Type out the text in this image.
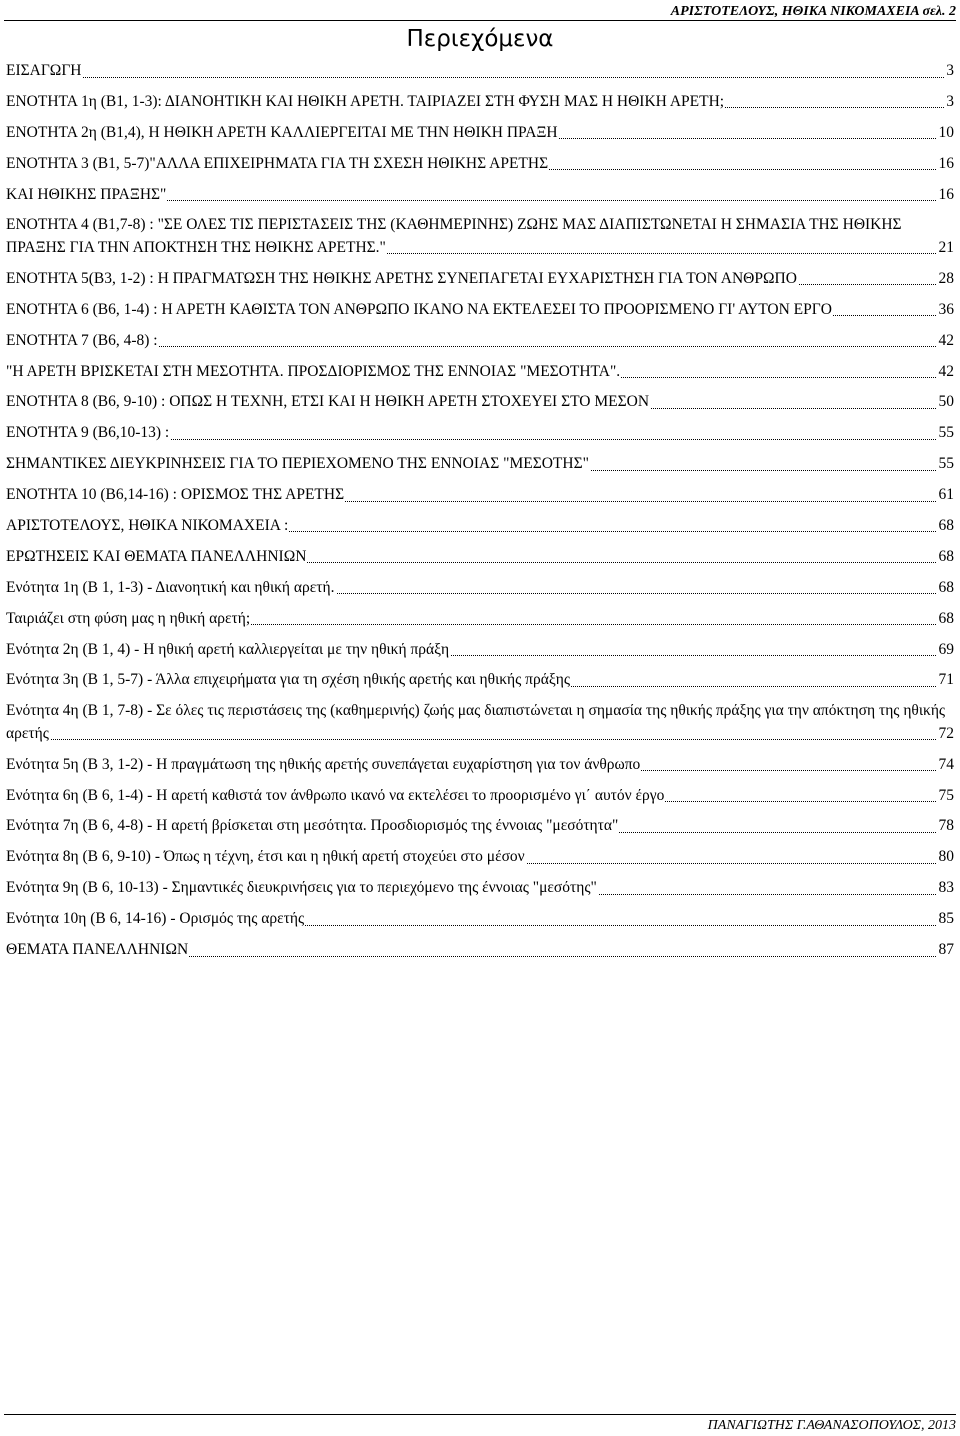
ΑΡΙΣΤΟΤΕΛΟΥΣ, ΗΘΙΚΑ ΝΙΚΟΜΑΧΕΙΑ σελ. 2
Περιεχόμενα
ΕΙΣΑΓΩΓΗ	3
ΕΝΟΤΗΤΑ 1η (Β1, 1-3): ΔΙΑΝΟΗΤΙΚΗ ΚΑΙ ΗΘΙΚΗ ΑΡΕΤΗ. ΤΑΙΡΙΑΖΕΙ ΣΤΗ ΦΥΣΗ ΜΑΣ Η ΗΘΙΚΗ ΑΡΕΤΗ;	3
ΕΝΟΤΗΤΑ 2η (Β1,4), Η ΗΘΙΚΗ ΑΡΕΤΗ ΚΑΛΛΙΕΡΓΕΙΤΑΙ ΜΕ ΤΗΝ ΗΘΙΚΗ ΠΡΑΞΗ	10
ΕΝΟΤΗΤΑ 3 (Β1, 5-7)"ΑΛΛΑ ΕΠΙΧΕΙΡΗΜΑΤΑ ΓΙΑ ΤΗ ΣΧΕΣΗ ΗΘΙΚΗΣ ΑΡΕΤΗΣ	16
ΚΑΙ ΗΘΙΚΗΣ ΠΡΑΞΗΣ"	16
ΕΝΟΤΗΤΑ 4 (Β1,7-8) : "ΣΕ ΟΛΕΣ ΤΙΣ ΠΕΡΙΣΤΑΣΕΙΣ ΤΗΣ (ΚΑΘΗΜΕΡΙΝΗΣ) ΖΩΗΣ ΜΑΣ ΔΙΑΠΙΣΤΩΝΕΤΑΙ Η ΣΗΜΑΣΙΑ ΤΗΣ ΗΘΙΚΗΣ ΠΡΑΞΗΣ ΓΙΑ ΤΗΝ ΑΠΟΚΤΗΣΗ ΤΗΣ ΗΘΙΚΗΣ ΑΡΕΤΗΣ."	21
ΕΝΟΤΗΤΑ 5(Β3, 1-2) : Η ΠΡΑΓΜΑΤΩΣΗ ΤΗΣ ΗΘΙΚΗΣ ΑΡΕΤΗΣ ΣΥΝΕΠΑΓΕΤΑΙ ΕΥΧΑΡΙΣΤΗΣΗ ΓΙΑ ΤΟΝ ΑΝΘΡΩΠΟ	28
ΕΝΟΤΗΤΑ 6 (Β6, 1-4) : Η ΑΡΕΤΗ ΚΑΘΙΣΤΑ ΤΟΝ ΑΝΘΡΩΠΟ ΙΚΑΝΟ ΝΑ ΕΚΤΕΛΕΣΕΙ ΤΟ ΠΡΟΟΡΙΣΜΕΝΟ ΓΙ' ΑΥΤΟΝ ΕΡΓΟ	36
ΕΝΟΤΗΤΑ 7 (Β6, 4-8) :	42
"Η ΑΡΕΤΗ ΒΡΙΣΚΕΤΑΙ ΣΤΗ ΜΕΣΟΤΗΤΑ. ΠΡΟΣΔΙΟΡΙΣΜΟΣ ΤΗΣ ΕΝΝΟΙΑΣ "ΜΕΣΟΤΗΤΑ".	42
ΕΝΟΤΗΤΑ 8 (Β6, 9-10) : ΟΠΩΣ Η ΤΕΧΝΗ, ΕΤΣΙ ΚΑΙ Η ΗΘΙΚΗ ΑΡΕΤΗ ΣΤΟΧΕΥΕΙ ΣΤΟ ΜΕΣΟΝ	50
ΕΝΟΤΗΤΑ 9 (Β6,10-13) :	55
ΣΗΜΑΝΤΙΚΕΣ ΔΙΕΥΚΡΙΝΗΣΕΙΣ ΓΙΑ ΤΟ ΠΕΡΙΕΧΟΜΕΝΟ ΤΗΣ ΕΝΝΟΙΑΣ "ΜΕΣΟΤΗΣ"	55
ΕΝΟΤΗΤΑ 10 (Β6,14-16) : ΟΡΙΣΜΟΣ ΤΗΣ ΑΡΕΤΗΣ	61
ΑΡΙΣΤΟΤΕΛΟΥΣ, ΗΘΙΚΑ ΝΙΚΟΜΑΧΕΙΑ :	68
ΕΡΩΤΗΣΕΙΣ ΚΑΙ ΘΕΜΑΤΑ ΠΑΝΕΛΛΗΝΙΩΝ	68
Ενότητα 1η (Β 1, 1-3) - Διανοητική και ηθική αρετή.	68
Ταιριάζει στη φύση μας η ηθική αρετή;	68
Ενότητα 2η (Β 1, 4) - Η ηθική αρετή καλλιεργείται με την ηθική πράξη	69
Ενότητα 3η (Β 1, 5-7) - Άλλα επιχειρήματα για τη σχέση ηθικής αρετής και ηθικής πράξης	71
Ενότητα 4η (Β 1, 7-8) - Σε όλες τις περιστάσεις της (καθημερινής) ζωής μας διαπιστώνεται η σημασία της ηθικής πράξης για την απόκτηση της ηθικής αρετής	72
Ενότητα 5η (Β 3, 1-2) - Η πραγμάτωση της ηθικής αρετής συνεπάγεται ευχαρίστηση για τον άνθρωπο	74
Ενότητα 6η (Β 6, 1-4) - Η αρετή καθιστά τον άνθρωπο ικανό να εκτελέσει το προορισμένο γι΄ αυτόν έργο	75
Ενότητα 7η (Β 6, 4-8) - Η αρετή βρίσκεται στη μεσότητα. Προσδιορισμός της έννοιας "μεσότητα"	78
Ενότητα 8η (Β 6, 9-10) - Όπως η τέχνη, έτσι και η ηθική αρετή στοχεύει στο μέσον	80
Ενότητα 9η (Β 6, 10-13) - Σημαντικές διευκρινήσεις για το περιεχόμενο της έννοιας "μεσότης"	83
Ενότητα 10η (Β 6, 14-16) - Ορισμός της αρετής	85
ΘΕΜΑΤΑ ΠΑΝΕΛΛΗΝΙΩΝ	87
ΠΑΝΑΓΙΩΤΗΣ Γ.ΑΘΑΝΑΣΟΠΟΥΛΟΣ, 2013
